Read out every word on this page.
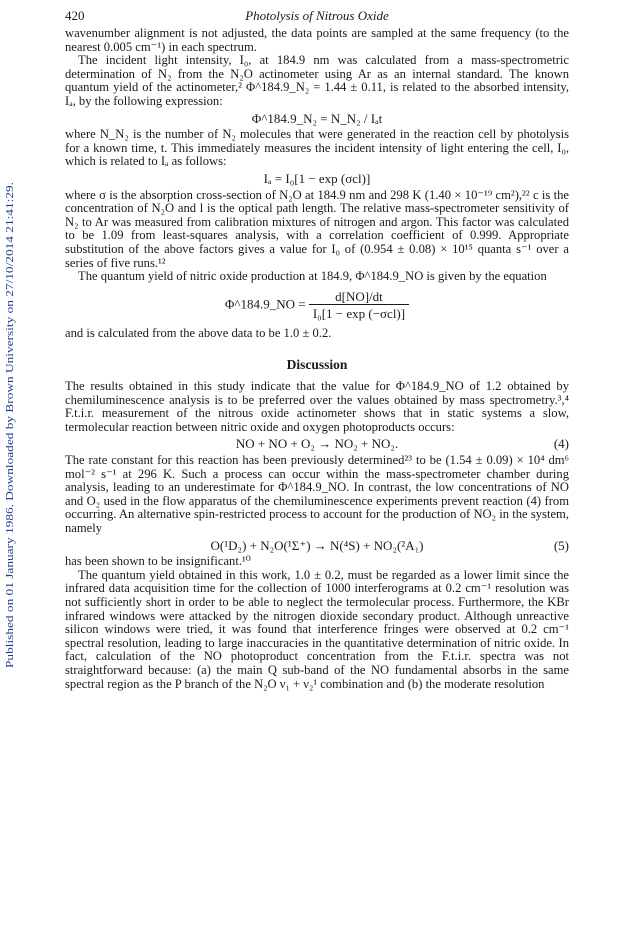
Published on 01 January 1986. Downloaded by Brown University on 27/10/2014 21:41:29.
420	Photolysis of Nitrous Oxide

wavenumber alignment is not adjusted, the data points are sampled at the same frequency (to the nearest 0.005 cm⁻¹) in each spectrum.

The incident light intensity, I₀, at 184.9 nm was calculated from a mass-spectrometric determination of N₂ from the N₂O actinometer using Ar as an internal standard. The known quantum yield of the actinometer,² Φ^184.9_N₂ = 1.44 ± 0.11, is related to the absorbed intensity, Iₐ, by the following expression:

Φ^184.9_N₂ = N_N₂ / Iₐt

where N_N₂ is the number of N₂ molecules that were generated in the reaction cell by photolysis for a known time, t. This immediately measures the incident intensity of light entering the cell, I₀, which is related to Iₐ as follows:

Iₐ = I₀[1 − exp (σcl)]

where σ is the absorption cross-section of N₂O at 184.9 nm and 298 K (1.40 × 10⁻¹⁹ cm²),²² c is the concentration of N₂O and l is the optical path length. The relative mass-spectrometer sensitivity of N₂ to Ar was measured from calibration mixtures of nitrogen and argon. This factor was calculated to be 1.09 from least-squares analysis, with a correlation coefficient of 0.999. Appropriate substitution of the above factors gives a value for I₀ of (0.954 ± 0.08) × 10¹⁵ quanta s⁻¹ over a series of five runs.¹²

The quantum yield of nitric oxide production at 184.9, Φ^184.9_NO is given by the equation

Φ^184.9_NO = $\frac{d[NO]/dt}{\text{I₀[1 − exp (−σcl)]}}$

and is calculated from the above data to be 1.0 ± 0.2.

Discussion

The results obtained in this study indicate that the value for Φ^184.9_NO of 1.2 obtained by chemiluminescence analysis is to be preferred over the values obtained by mass spectrometry.³,⁴ F.t.i.r. measurement of the nitrous oxide actinometer shows that in static systems a slow, termolecular reaction between nitric oxide and oxygen photoproducts occurs:

NO + NO + O₂ → NO₂ + NO₂.	(4)

The rate constant for this reaction has been previously determined²³ to be (1.54 ± 0.09) × 10⁴ dm⁶ mol⁻² s⁻¹ at 296 K. Such a process can occur within the mass-spectrometer chamber during analysis, leading to an underestimate for Φ^184.9_NO. In contrast, the low concentrations of NO and O₂ used in the flow apparatus of the chemiluminescence experiments prevent reaction (4) from occurring. An alternative spin-restricted process to account for the production of NO₂ in the system, namely

O(¹D₂) + N₂O(¹Σ⁺) → N(⁴S) + NO₂(²A₁)	(5)

has been shown to be insignificant.¹⁰

The quantum yield obtained in this work, 1.0 ± 0.2, must be regarded as a lower limit since the infrared data acquisition time for the collection of 1000 interferograms at 0.2 cm⁻¹ resolution was not sufficiently short in order to be able to neglect the termolecular process. Furthermore, the KBr infrared windows were attacked by the nitrogen dioxide secondary product. Although unreactive silicon windows were tried, it was found that interference fringes were observed at 0.2 cm⁻¹ spectral resolution, leading to large inaccuracies in the quantitative determination of nitric oxide. In fact, calculation of the NO photoproduct concentration from the F.t.i.r. spectra was not straightforward because: (a) the main Q sub-band of the NO fundamental absorbs in the same spectral region as the P branch of the N₂O ν₁ + ν₂¹ combination and (b) the moderate resolution
